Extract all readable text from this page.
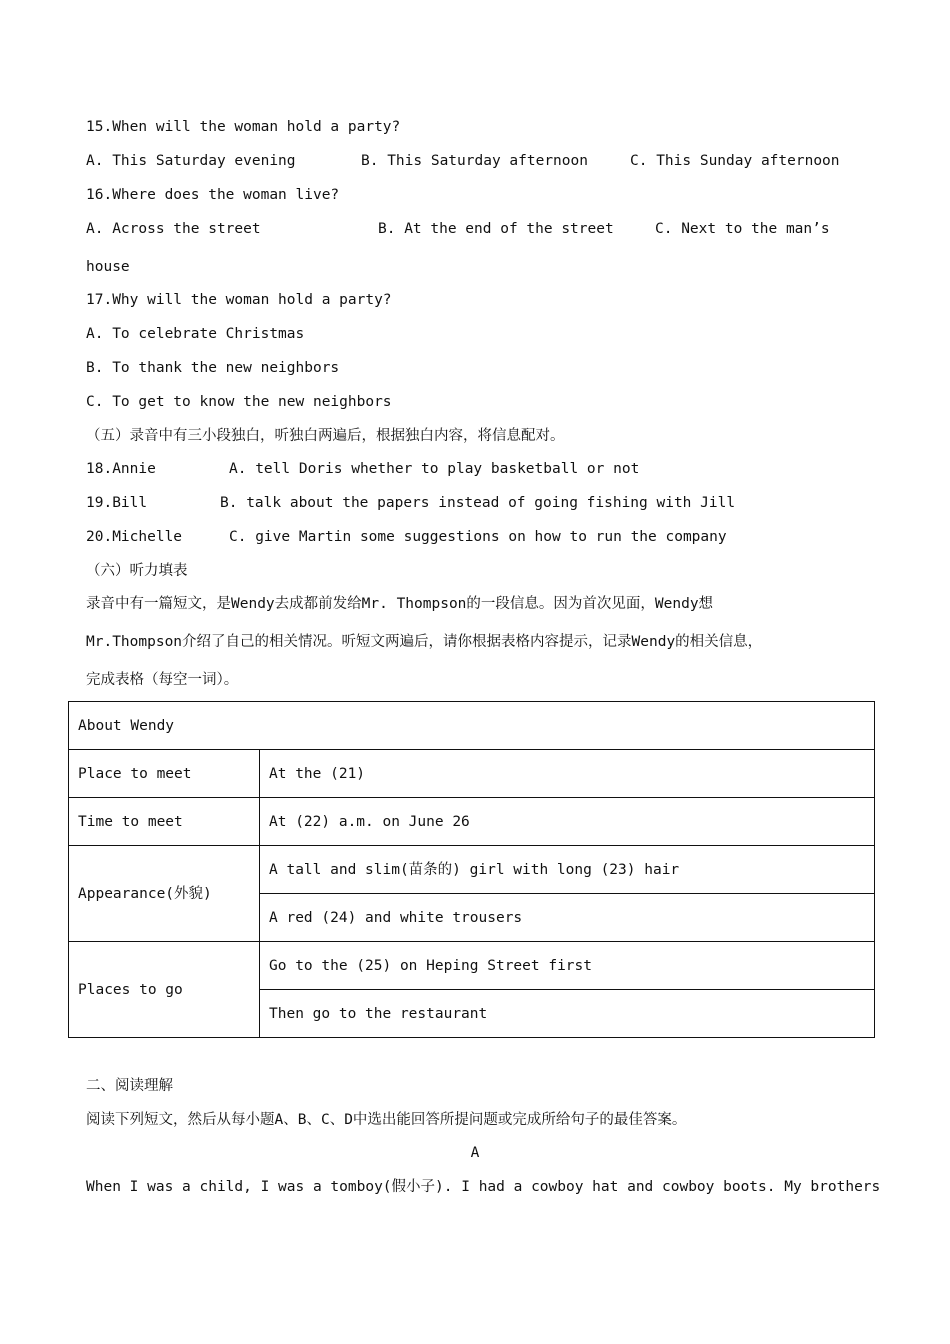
15.When will the woman hold a party?
A. This Saturday evening	B. This Saturday afternoon	C. This Sunday afternoon
16.Where does the woman live?
A. Across the street	B. At the end of the street	C. Next to the man’s
house
17.Why will the woman hold a party?
A. To celebrate Christmas
B. To thank the new neighbors
C. To get to know the new neighbors
（五）录音中有三小段独白，听独白两遍后，根据独白内容，将信息配对。
18.Annie	A. tell Doris whether to play basketball or not
19.Bill	B. talk about the papers instead of going fishing with Jill
20.Michelle	C. give Martin some suggestions on how to run the company
（六）听力填表
录音中有一篇短文，是Wendy去成都前发给Mr. Thompson的一段信息。因为首次见面，Wendy想
Mr.Thompson介绍了自己的相关情况。听短文两遍后，请你根据表格内容提示，记录Wendy的相关信息，
完成表格（每空一词）。
About Wendy	
Place to meet	At the (21)
Time to meet	At (22) a.m. on June 26
Appearance(外貌)	A tall and slim(苗条的) girl with long (23) hair
	A red (24) and white trousers
Places to go	Go to the (25) on Heping Street first
	Then go to the restaurant
二、阅读理解
阅读下列短文，然后从每小题A、B、C、D中选出能回答所提问题或完成所给句子的最佳答案。
A
When I was a child, I was a tomboy(假小子). I had a cowboy hat and cowboy boots. My brothers
